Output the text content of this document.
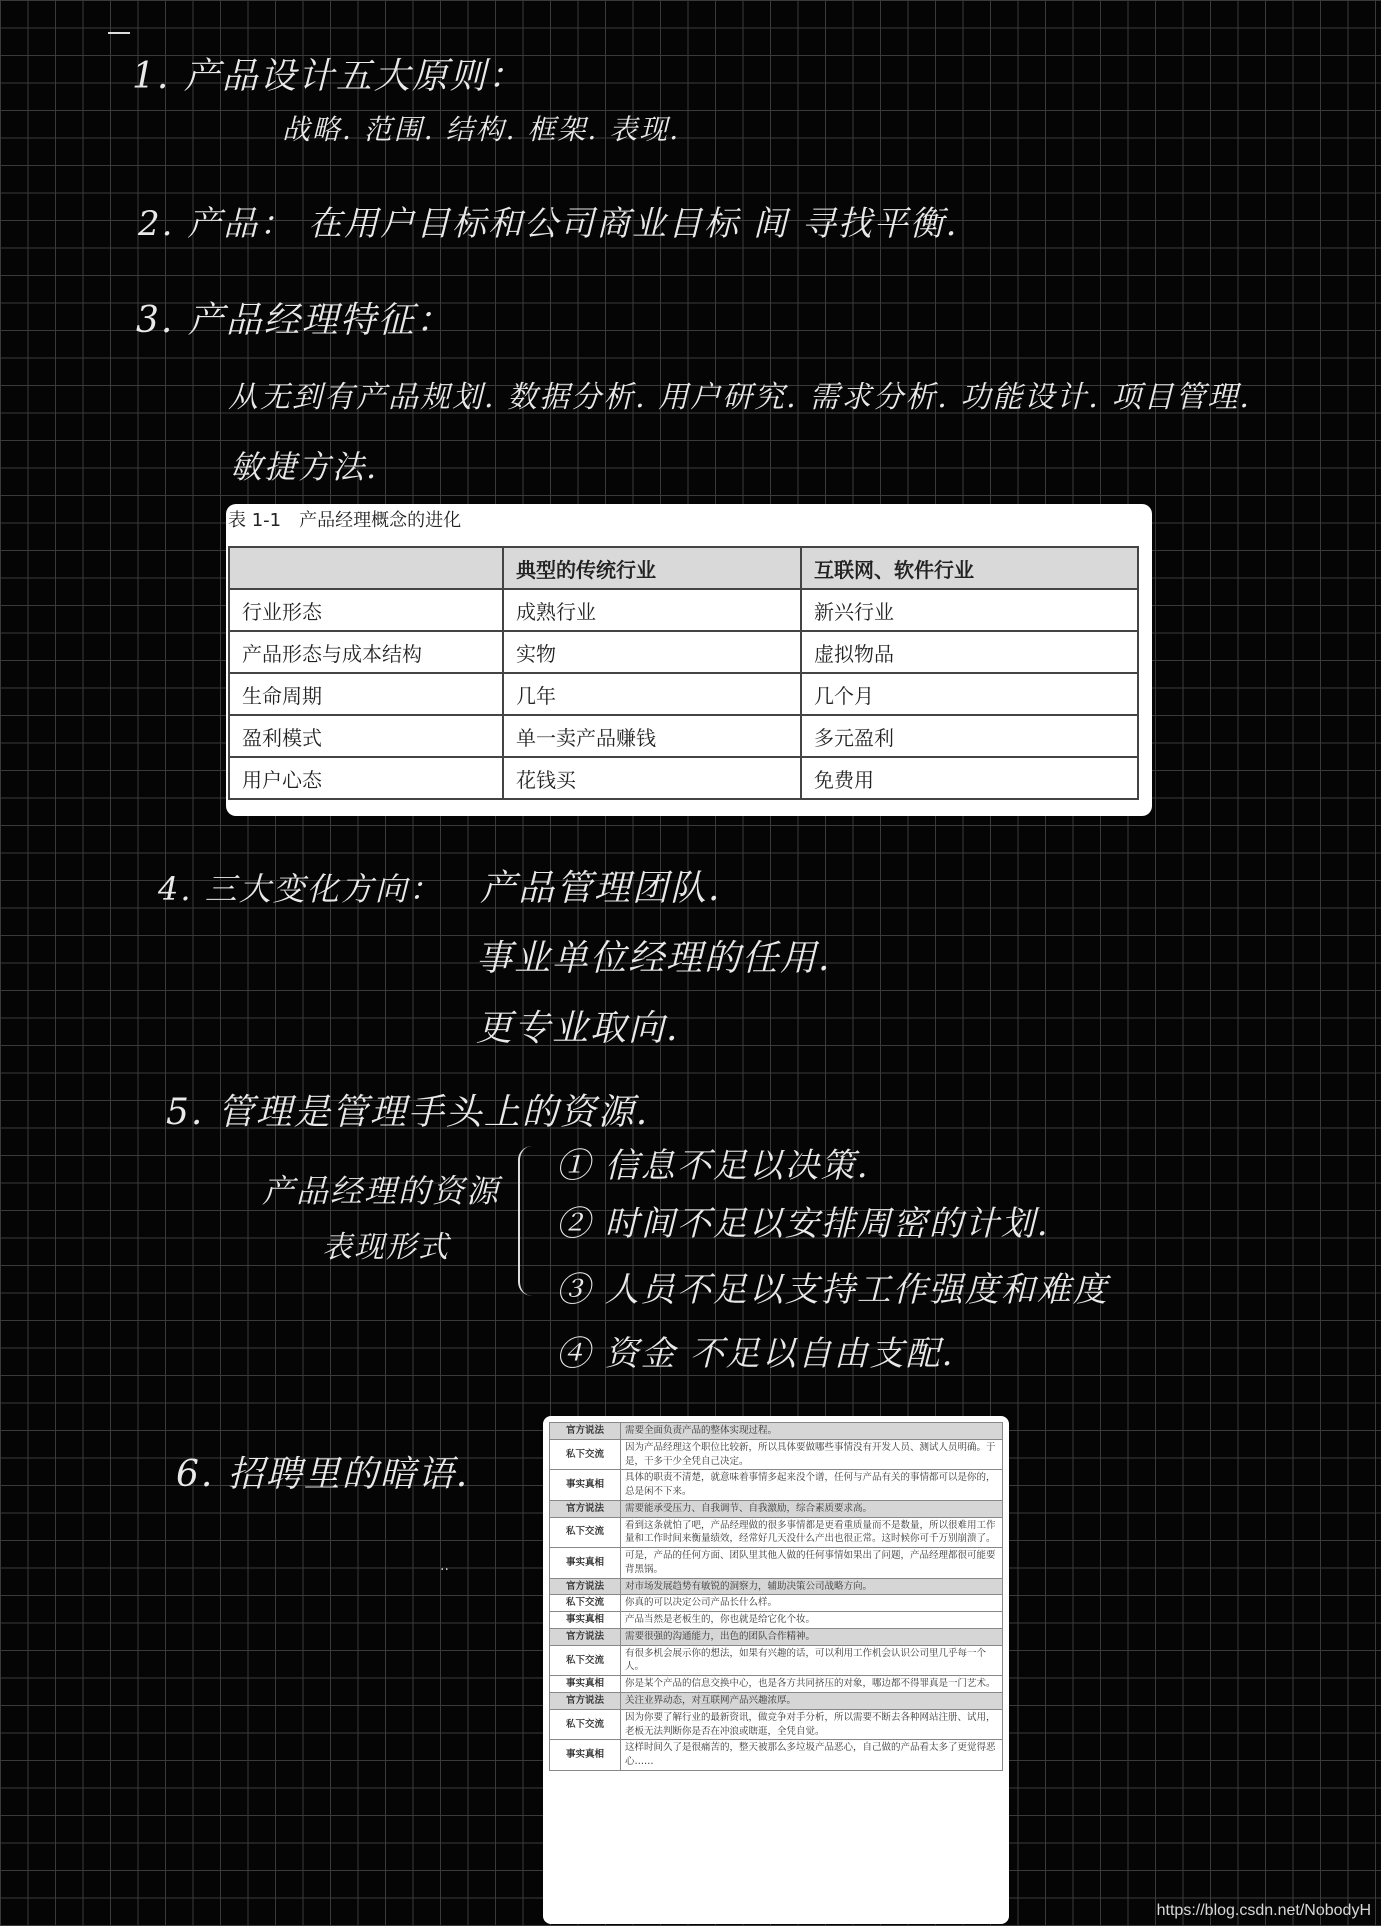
1. 产品设计五大原则：
战略. 范围. 结构. 框架. 表现.
2. 产品： 在用户目标和公司商业目标 间 寻找平衡.
3. 产品经理特征：
从无到有产品规划. 数据分析. 用户研究. 需求分析. 功能设计. 项目管理.
敏捷方法.
表 1-1　产品经理概念的进化
	典型的传统行业	互联网、软件行业
行业形态	成熟行业	新兴行业
产品形态与成本结构	实物	虚拟物品
生命周期	几年	几个月
盈利模式	单一卖产品赚钱	多元盈利
用户心态	花钱买	免费用
4. 三大变化方向： 产品管理团队.
事业单位经理的任用.
更专业取向.
5. 管理是管理手头上的资源.
产品经理的资源
表现形式
① 信息不足以决策.
② 时间不足以安排周密的计划.
③ 人员不足以支持工作强度和难度
④ 资金 不足以自由支配.
6. 招聘里的暗语.
..
官方说法	需要全面负责产品的整体实现过程。
私下交流	因为产品经理这个职位比较新，所以具体要做哪些事情没有开发人员、测试人员明确。于是，干多干少全凭自己决定。
事实真相	具体的职责不清楚，就意味着事情多起来没个谱，任何与产品有关的事情都可以是你的，总是闲不下来。
官方说法	需要能承受压力、自我调节、自我激励，综合素质要求高。
私下交流	看到这条就怕了吧，产品经理做的很多事情都是更看重质量而不是数量，所以很难用工作量和工作时间来衡量绩效，经常好几天没什么产出也很正常。这时候你可千万别崩溃了。
事实真相	可是，产品的任何方面、团队里其他人做的任何事情如果出了问题，产品经理都很可能要背黑锅。
官方说法	对市场发展趋势有敏锐的洞察力，辅助决策公司战略方向。
私下交流	你真的可以决定公司产品长什么样。
事实真相	产品当然是老板生的，你也就是给它化个妆。
官方说法	需要很强的沟通能力，出色的团队合作精神。
私下交流	有很多机会展示你的想法，如果有兴趣的话，可以利用工作机会认识公司里几乎每一个人。
事实真相	你是某个产品的信息交换中心，也是各方共同挤压的对象，哪边都不得罪真是一门艺术。
官方说法	关注业界动态，对互联网产品兴趣浓厚。
私下交流	因为你要了解行业的最新资讯，做竞争对手分析，所以需要不断去各种网站注册、试用，老板无法判断你是否在冲浪或瞎逛，全凭自觉。
事实真相	这样时间久了是很痛苦的，整天被那么多垃圾产品恶心，自己做的产品看太多了更觉得恶心……
https://blog.csdn.net/NobodyH
